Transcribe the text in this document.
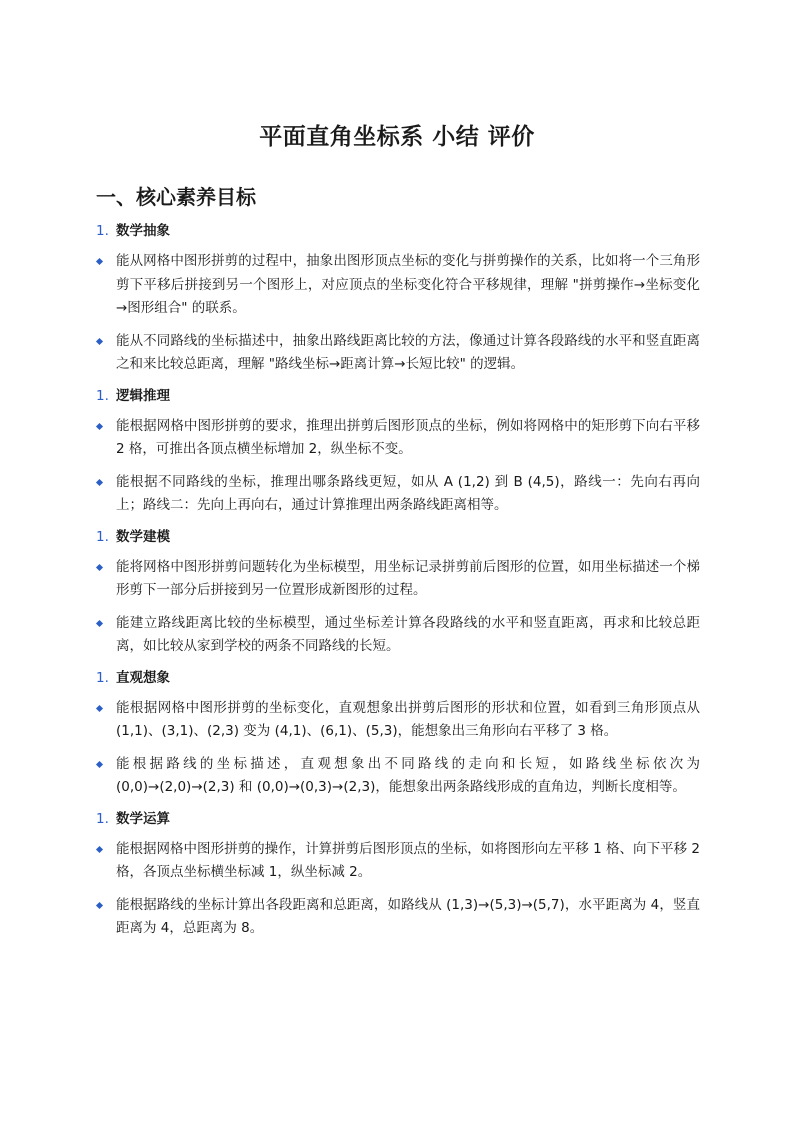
平面直角坐标系 小结 评价
一、核心素养目标
1. 数学抽象
能从网格中图形拼剪的过程中，抽象出图形顶点坐标的变化与拼剪操作的关系，比如将一个三角形剪下平移后拼接到另一个图形上，对应顶点的坐标变化符合平移规律，理解 "拼剪操作→坐标变化→图形组合" 的联系。
能从不同路线的坐标描述中，抽象出路线距离比较的方法，像通过计算各段路线的水平和竖直距离之和来比较总距离，理解 "路线坐标→距离计算→长短比较" 的逻辑。
1. 逻辑推理
能根据网格中图形拼剪的要求，推理出拼剪后图形顶点的坐标，例如将网格中的矩形剪下向右平移 2 格，可推出各顶点横坐标增加 2，纵坐标不变。
能根据不同路线的坐标，推理出哪条路线更短，如从 A (1,2) 到 B (4,5)，路线一：先向右再向上；路线二：先向上再向右，通过计算推理出两条路线距离相等。
1. 数学建模
能将网格中图形拼剪问题转化为坐标模型，用坐标记录拼剪前后图形的位置，如用坐标描述一个梯形剪下一部分后拼接到另一位置形成新图形的过程。
能建立路线距离比较的坐标模型，通过坐标差计算各段路线的水平和竖直距离，再求和比较总距离，如比较从家到学校的两条不同路线的长短。
1. 直观想象
能根据网格中图形拼剪的坐标变化，直观想象出拼剪后图形的形状和位置，如看到三角形顶点从 (1,1)、(3,1)、(2,3) 变为 (4,1)、(6,1)、(5,3)，能想象出三角形向右平移了 3 格。
能根据路线的坐标描述，直观想象出不同路线的走向和长短，如路线坐标依次为 (0,0)→(2,0)→(2,3) 和 (0,0)→(0,3)→(2,3)，能想象出两条路线形成的直角边，判断长度相等。
1. 数学运算
能根据网格中图形拼剪的操作，计算拼剪后图形顶点的坐标，如将图形向左平移 1 格、向下平移 2 格，各顶点坐标横坐标减 1，纵坐标减 2。
能根据路线的坐标计算出各段距离和总距离，如路线从 (1,3)→(5,3)→(5,7)，水平距离为 4，竖直距离为 4，总距离为 8。
